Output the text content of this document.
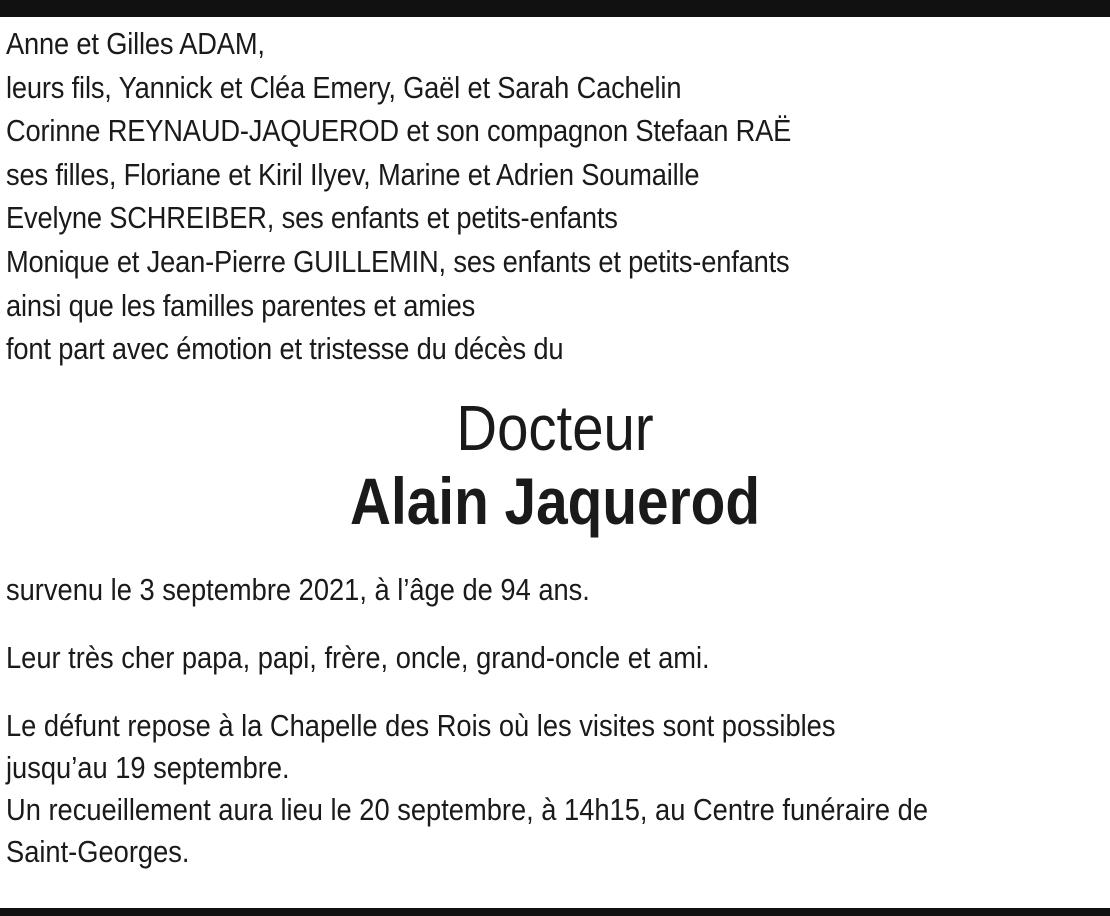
Anne et Gilles ADAM,
leurs fils, Yannick et Cléa Emery, Gaël et Sarah Cachelin
Corinne REYNAUD-JAQUEROD et son compagnon Stefaan RAË
ses filles, Floriane et Kiril Ilyev, Marine et Adrien Soumaille
Evelyne SCHREIBER, ses enfants et petits-enfants
Monique et Jean-Pierre GUILLEMIN, ses enfants et petits-enfants
ainsi que les familles parentes et amies
font part avec émotion et tristesse du décès du
Docteur
Alain Jaquerod
survenu le 3 septembre 2021, à l’âge de 94 ans.
Leur très cher papa, papi, frère, oncle, grand-oncle et ami.
Le défunt repose à la Chapelle des Rois où les visites sont possibles
jusqu’au 19 septembre.
Un recueillement aura lieu le 20 septembre, à 14h15, au Centre funéraire de
Saint-Georges.
